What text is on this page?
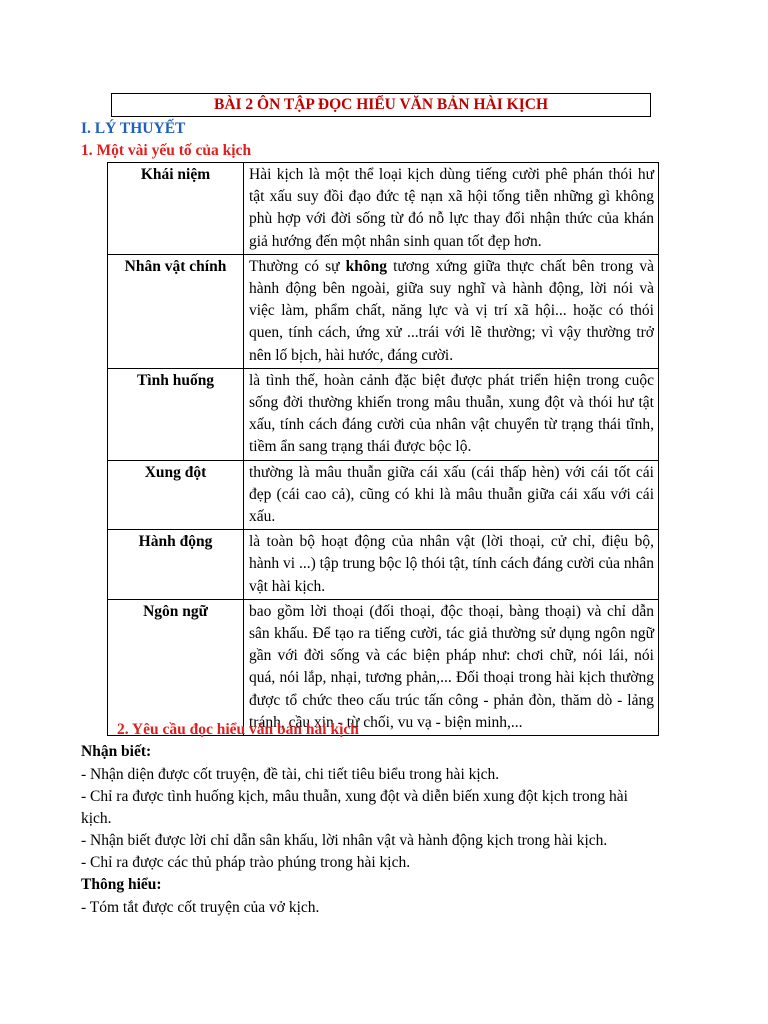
BÀI 2 ÔN TẬP ĐỌC HIỂU VĂN BẢN HÀI KỊCH
I. LÝ THUYẾT
1. Một vài yếu tố của kịch
Khái niệm	Hài kịch là một thể loại kịch dùng tiếng cười phê phán thói hư tật xấu suy đồi đạo đức tệ nạn xã hội tống tiễn những gì không phù hợp với đời sống từ đó nỗ lực thay đổi nhận thức của khán giả hướng đến một nhân sinh quan tốt đẹp hơn.
Nhân vật chính	Thường có sự không tương xứng giữa thực chất bên trong và hành động bên ngoài, giữa suy nghĩ và hành động, lời nói và việc làm, phẩm chất, năng lực và vị trí xã hội... hoặc có thói quen, tính cách, ứng xử ...trái với lẽ thường; vì vậy thường trở nên lố bịch, hài hước, đáng cười.
Tình huống	là tình thế, hoàn cảnh đặc biệt được phát triển hiện trong cuộc sống đời thường khiến trong mâu thuẫn, xung đột và thói hư tật xấu, tính cách đáng cười của nhân vật chuyển từ trạng thái tĩnh, tiềm ẩn sang trạng thái được bộc lộ.
Xung đột	thường là mâu thuẫn giữa cái xấu (cái thấp hèn) với cái tốt cái đẹp (cái cao cả), cũng có khi là mâu thuẫn giữa cái xấu với cái xấu.
Hành động	là toàn bộ hoạt động của nhân vật (lời thoại, cử chỉ, điệu bộ, hành vi ...) tập trung bộc lộ thói tật, tính cách đáng cười của nhân vật hài kịch.
Ngôn ngữ	bao gồm lời thoại (đối thoại, độc thoại, bàng thoại) và chỉ dẫn sân khấu. Để tạo ra tiếng cười, tác giả thường sử dụng ngôn ngữ gần với đời sống và các biện pháp như: chơi chữ, nói lái, nói quá, nói lắp, nhại, tương phản,... Đối thoại trong hài kịch thường được tổ chức theo cấu trúc tấn công - phản đòn, thăm dò - lảng tránh, cầu xin - từ chối, vu vạ - biện minh,...
2. Yêu cầu đọc hiểu văn bản hài kịch
Nhận biết:
- Nhận diện được cốt truyện, đề tài, chi tiết tiêu biểu trong hài kịch.
- Chỉ ra được tình huống kịch, mâu thuẫn, xung đột và diễn biến xung đột kịch trong hài
kịch.
- Nhận biết được lời chỉ dẫn sân khấu, lời nhân vật và hành động kịch trong hài kịch.
- Chỉ ra được các thủ pháp trào phúng trong hài kịch.
Thông hiểu:
- Tóm tắt được cốt truyện của vở kịch.
